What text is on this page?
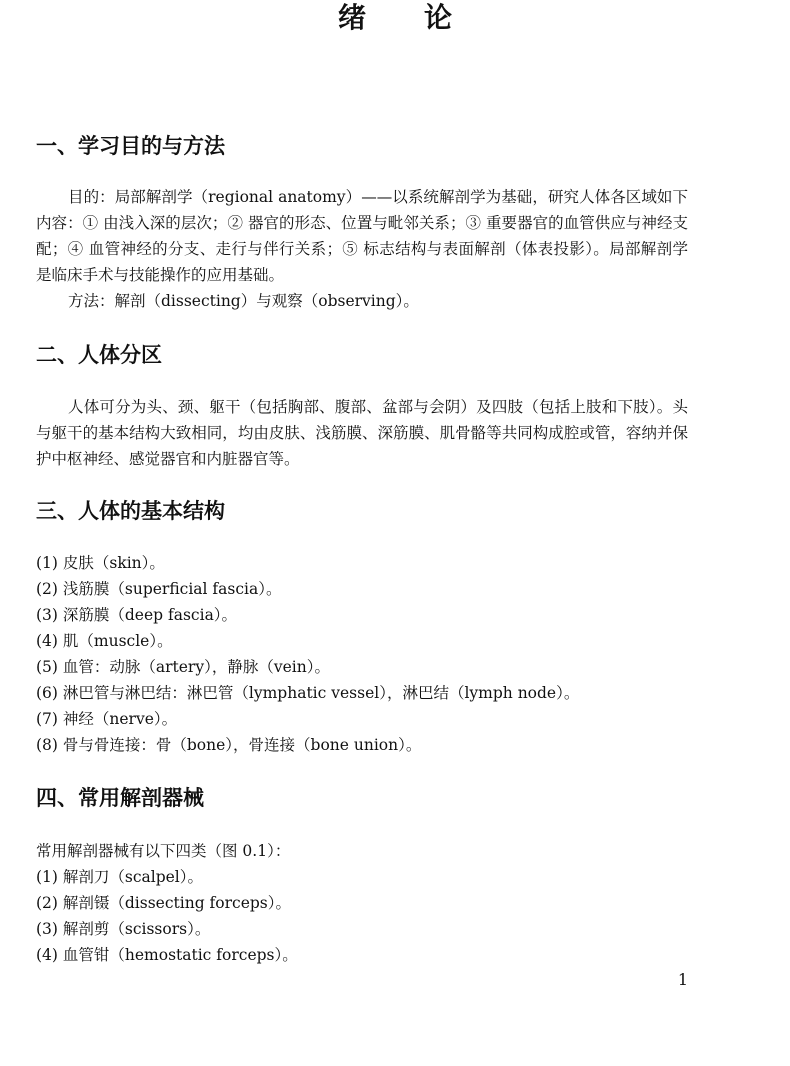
绪论
一、学习目的与方法

目的：局部解剖学（regional anatomy）——以系统解剖学为基础，研究人体各区域如下内容：① 由浅入深的层次；② 器官的形态、位置与毗邻关系；③ 重要器官的血管供应与神经支配；④ 血管神经的分支、走行与伴行关系；⑤ 标志结构与表面解剖（体表投影）。局部解剖学是临床手术与技能操作的应用基础。

方法：解剖（dissecting）与观察（observing）。

二、人体分区

人体可分为头、颈、躯干（包括胸部、腹部、盆部与会阴）及四肢（包括上肢和下肢）。头与躯干的基本结构大致相同，均由皮肤、浅筋膜、深筋膜、肌骨骼等共同构成腔或管，容纳并保护中枢神经、感觉器官和内脏器官等。

三、人体的基本结构
(1) 皮肤（skin）。
(2) 浅筋膜（superficial fascia）。
(3) 深筋膜（deep fascia）。
(4) 肌（muscle）。
(5) 血管：动脉（artery），静脉（vein）。
(6) 淋巴管与淋巴结：淋巴管（lymphatic vessel），淋巴结（lymph node）。
(7) 神经（nerve）。
(8) 骨与骨连接：骨（bone），骨连接（bone union）。
四、常用解剖器械

常用解剖器械有以下四类（图 0.1）：

(1) 解剖刀（scalpel）。
(2) 解剖镊（dissecting forceps）。
(3) 解剖剪（scissors）。
(4) 血管钳（hemostatic forceps）。
1
